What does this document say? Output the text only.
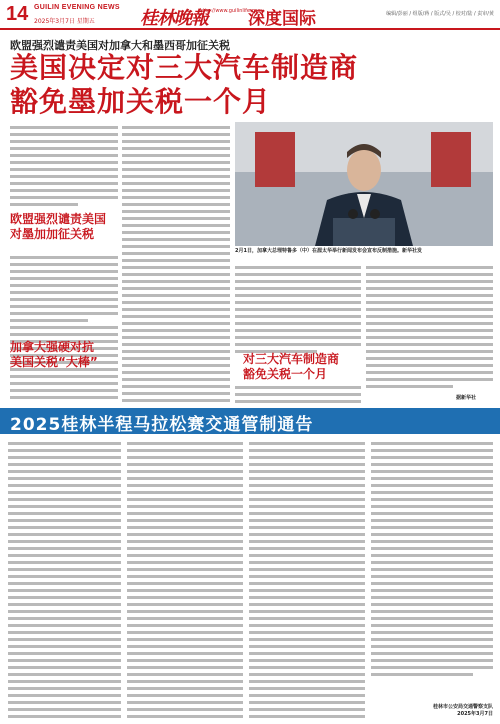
14 GUILIN EVENING NEWS
2025年3月7日 星期五	桂林晚報
http://www.guilinlife.com
深度国际	编辑/彭丽 / 组版/蒋 / 版式/吴 / 校对/陆 / 责审/黄
欧盟强烈谴责美国对加拿大和墨西哥加征关税
美国决定对三大汽车制造商
豁免墨加关税一个月
欧盟强烈谴责美国
对墨加加征关税
加拿大强硬对抗
美国关税“大棒”
2月1日，加拿大总理特鲁多（中）在渥太华举行新闻发布会宣布反制措施。新华社发
对三大汽车制造商
豁免关税一个月
据新华社
2025桂林半程马拉松赛交通管制通告
桂林市公安局交通警察支队
2025年3月7日
